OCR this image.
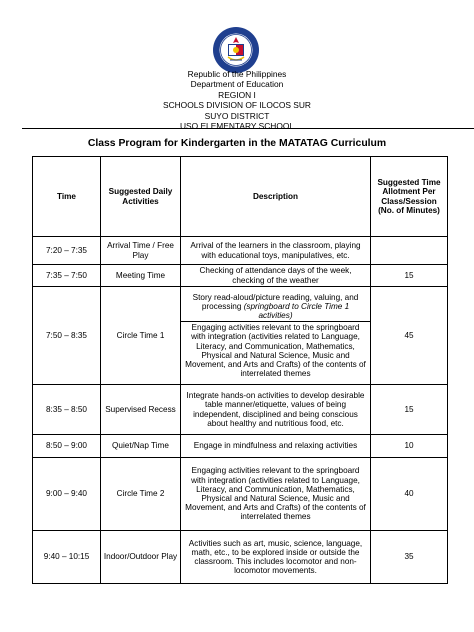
Republic of the Philippines
Department of Education
REGION I
SCHOOLS DIVISION OF ILOCOS SUR
SUYO DISTRICT
USO ELEMENTARY SCHOOL
Class Program for Kindergarten in the MATATAG Curriculum
Time	Suggested Daily Activities	Description	Suggested Time Allotment Per Class/Session (No. of Minutes)
7:20 – 7:35	Arrival Time / Free Play	Arrival of the learners in the classroom, playing with educational toys, manipulatives, etc.	
7:35 – 7:50	Meeting Time	Checking of attendance days of the week, checking of the weather	15
7:50 – 8:35	Circle Time 1	Story read-aloud/picture reading, valuing, and processing (springboard to Circle Time 1 activities)
Engaging activities relevant to the springboard with integration (activities related to Language, Literacy, and Communication, Mathematics, Physical and Natural Science, Music and Movement, and Arts and Crafts) of the contents of interrelated themes	45
8:35 – 8:50	Supervised Recess	Integrate hands-on activities to develop desirable table manner/etiquette, values of being independent, disciplined and being conscious about healthy and nutritious food, etc.	15
8:50 – 9:00	Quiet/Nap Time	Engage in mindfulness and relaxing activities	10
9:00 – 9:40	Circle Time 2	Engaging activities relevant to the springboard with integration (activities related to Language, Literacy, and Communication, Mathematics, Physical and Natural Science, Music and Movement, and Arts and Crafts) of the contents of interrelated themes	40
9:40 – 10:15	Indoor/Outdoor Play	Activities such as art, music, science, language, math, etc., to be explored inside or outside the classroom. This includes locomotor and non-locomotor movements.	35
